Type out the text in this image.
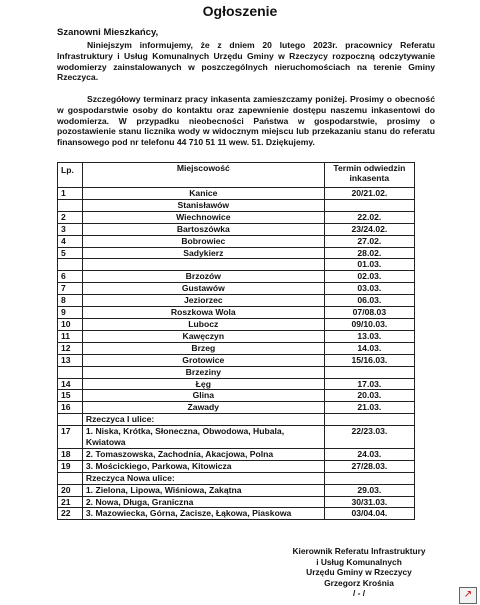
Ogłoszenie
Szanowni Mieszkańcy,
Niniejszym informujemy, że z dniem 20 lutego 2023r. pracownicy Referatu Infrastruktury i Usług Komunalnych Urzędu Gminy w Rzeczycy rozpoczną odczytywanie wodomierzy zainstalowanych w poszczególnych nieruchomościach na terenie Gminy Rzeczyca.
Szczegółowy terminarz pracy inkasenta zamieszczamy poniżej. Prosimy o obecność w gospodarstwie osoby do kontaktu oraz zapewnienie dostępu naszemu inkasentowi do wodomierza. W przypadku nieobecności Państwa w gospodarstwie, prosimy o pozostawienie stanu licznika wody w widocznym miejscu lub przekazaniu stanu do referatu finansowego pod nr telefonu 44 710 51 11 wew. 51. Dziękujemy.
Lp.	Miejscowość	Termin odwiedzin inkasenta
1	Kanice	20/21.02.
	Stanisławów	
2	Wiechnowice	22.02.
3	Bartoszówka	23/24.02.
4	Bobrowiec	27.02.
5	Sadykierz	28.02.
		01.03.
6	Brzozów	02.03.
7	Gustawów	03.03.
8	Jeziorzec	06.03.
9	Roszkowa Wola	07/08.03
10	Lubocz	09/10.03.
11	Kawęczyn	13.03.
12	Brzeg	14.03.
13	Grotowice	15/16.03.
	Brzeziny	
14	Łęg	17.03.
15	Glina	20.03.
16	Zawady	21.03.
	Rzeczyca I ulice:	
17	1. Niska, Krótka, Słoneczna, Obwodowa, Hubala, Kwiatowa	22/23.03.
18	2. Tomaszowska, Zachodnia, Akacjowa, Polna	24.03.
19	3. Mościckiego, Parkowa, Kitowicza	27/28.03.
	Rzeczyca Nowa ulice:	
20	1. Zielona, Lipowa, Wiśniowa, Zakątna	29.03.
21	2. Nowa, Długa, Graniczna	30/31.03.
22	3. Mazowiecka, Górna, Zacisze, Łąkowa, Piaskowa	03/04.04.
Kierownik Referatu Infrastruktury
i Usług Komunalnych
Urzędu Gminy w Rzeczycy
Grzegorz Krośnia
/ - /	↗
